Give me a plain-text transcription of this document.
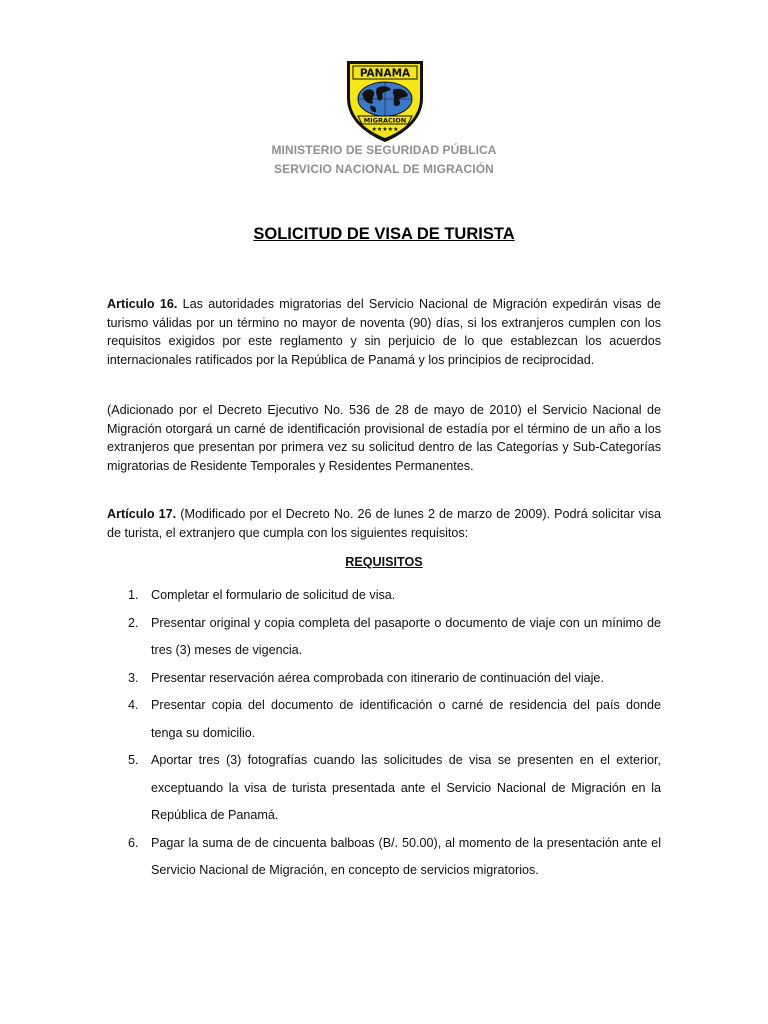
PANAMA
MIGRACION
★★★★★
MINISTERIO DE SEGURIDAD PÚBLICA
SERVICIO NACIONAL DE MIGRACIÓN
SOLICITUD DE VISA DE TURISTA
Articulo 16. Las autoridades migratorias del Servicio Nacional de Migración expedirán visas de turismo válidas por un término no mayor de noventa (90) días, si los extranjeros cumplen con los requisitos exigidos por este reglamento y sin perjuicio de lo que establezcan los acuerdos internacionales ratificados por la República de Panamá y los principios de reciprocidad.
(Adicionado por el Decreto Ejecutivo No. 536 de 28 de mayo de 2010) el Servicio Nacional de Migración otorgará un carné de identificación provisional de estadía por el término de un año a los extranjeros que presentan por primera vez su solicitud dentro de las Categorías y Sub-Categorías migratorias de Residente Temporales y Residentes Permanentes.
Artículo 17. (Modificado por el Decreto No. 26 de lunes 2 de marzo de 2009). Podrá solicitar visa de turista, el extranjero que cumpla con los siguientes requisitos:
REQUISITOS
1. Completar el formulario de solicitud de visa.
2. Presentar original y copia completa del pasaporte o documento de viaje con un mínimo de tres (3) meses de vigencia.
3. Presentar reservación aérea comprobada con itinerario de continuación del viaje.
4. Presentar copia del documento de identificación o carné de residencia del país donde tenga su domicilio.
5. Aportar tres (3) fotografías cuando las solicitudes de visa se presenten en el exterior, exceptuando la visa de turista presentada ante el Servicio Nacional de Migración en la República de Panamá.
6. Pagar la suma de de cincuenta balboas (B/. 50.00), al momento de la presentación ante el Servicio Nacional de Migración, en concepto de servicios migratorios.
